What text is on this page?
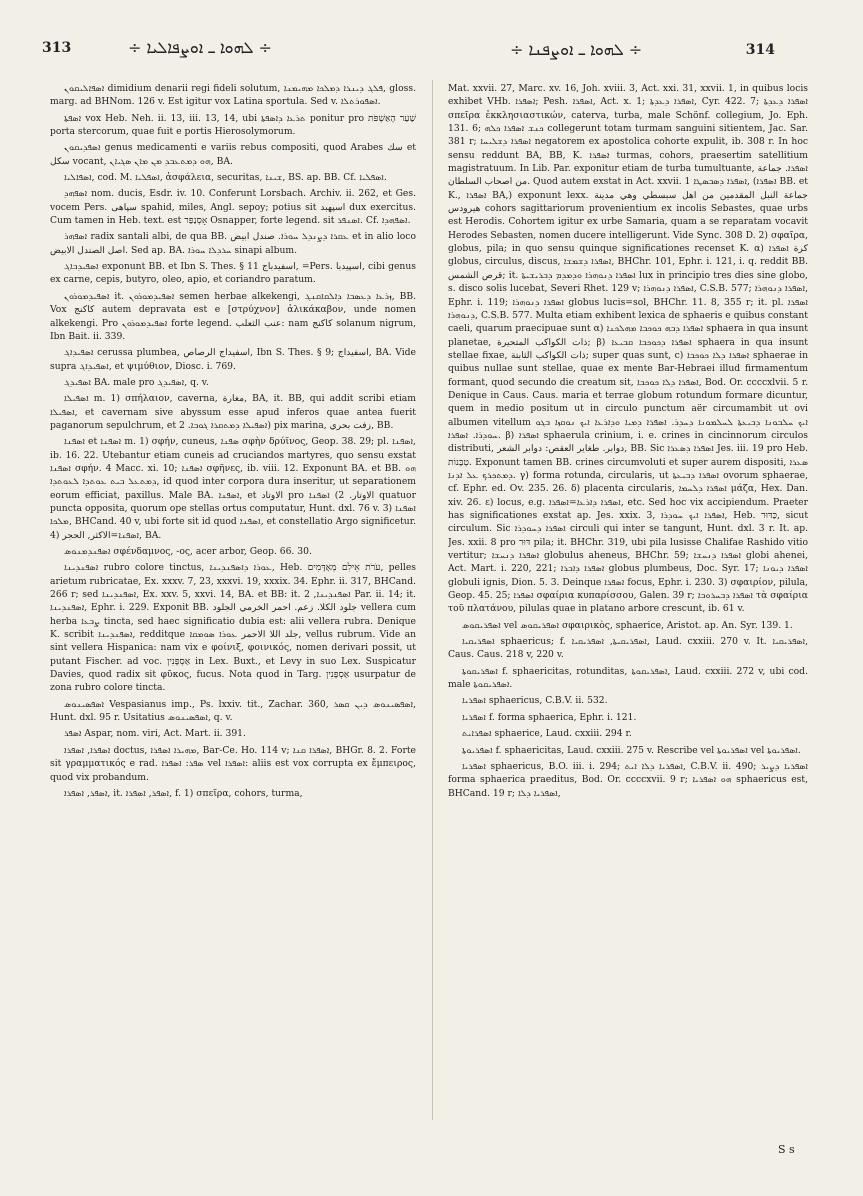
313	÷ ܠܗܘܐ ـ ܐܘܨܦܐܠܝܐ ÷	÷ ܠܗܘܐ ـ ܐܘܨܦܢܐ ÷	314

ܐܣܦܐܠܝܩܘܢ dimidium denarii regi fideli solutum, ܦܠܓ ܕܝܢܪܐ ܕܡܠܟܐ ܡܗܝܡܢܐ, gloss. marg. ad BHNom. 126 v. Est igitur vox Latina sportula. Sed v. ܐܣܦܘܪܬܠܐ.

ܐܣܦܬܐ vox Heb. Neh. ii. 13, iii. 13, 14, ubi ܬܪܥܐ ܕܐܣܦܬܐ ponitur pro שַׁעַר הָאַשְׁפֹּת porta stercorum, quae fuit e portis Hierosolymorum.

ܐܣܦܕܝܩܘܢ genus medicamenti e variis rebus compositi, quod Arabes سك et سكل vocant, ܗܘ ܕܡܬܥܒܕ ܡܢ ܡܐܢ ܣܓܝܐܢ, BA.

ܐܣܦܐܠܝܐ, cod. M. ܐܣܦܠܝܐ, ἀσφάλεια, securitas, ܫܝܢܐ, BS. ap. BB. Cf. ܐܣܦܠܝܐ.

ܐܣܦܗܕ nom. ducis, Esdr. iv. 10. Conferunt Lorsbach. Archiv. ii. 262, et Ges. vocem Pers. سپاهى spahid, miles, Angl. sepoy; potius sit اسپهبد dux exercitus. Cum tamen in Heb. text. est אָסְנַפַּר Osnapper, forte legend. sit ܐܣܢܦܪ. Cf. ܐܣܦܗܕܐ.

ܐܣܦܗܪ radix santali albi, de qua BB. ܥܩܪܐ ܕܨܢܕܠ ܚܘܪܐ. صندل ابيض et in alio loco اصل الصندل الابيض. Sed ap. BA. ܚܪܕܠܐ ܚܘܪܐ sinapi album.

ܐܣܦܝܕܒܐܓ exponunt BB. et Ibn S. Thes. § 11 اسفيدباج, =Pers. اسپيدبا, cibi genus ex carne, cepis, butyro, oleo, apio, et coriandro paratum.

ܐܣܦܝܕܡܘܪܘܢ it. ܐܣܦܝܕܡܘܪܘܢ semen herbae alkekengi, ܙܪܥܐ ܕܥܣܒܐ ܕܐܠܩܐܩܢܓ, BB. Vox كاكنج autem depravata est e [στρύχνον] ἁλικάκαβον, unde nomen alkekengi. Pro ܐܣܦܝܕܡܘܪܘܢ forte legend. عنب الثعلب: nam كاكنج solanum nigrum, Ibn Bait. ii. 339.

ܐܣܦܝܕܐܓ cerussa plumbea, اسفيداج الرصاص, Ibn S. Thes. § 9; اسفيداج, BA. Vide supra ܐܣܦܝܕܐܓ, et ψιμύθιον, Diosc. i. 769.

ܐܣܦܝܕܓ BA. male pro ܐܣܦܝܕܓ, q. v.

ܐܣܦܝܠܐ m. 1) σπήλαιον, caverna, مغارة, BA, it. BB, qui addit scribi etiam ܐܣܦܝܠܐ, et cavernam sive abyssum esse apud inferos quae antea fuerit paganorum sepulchrum, et ܐܣܦܝܠܐ ܕܡܬܩܪܐ ܓܘܒܐ. 2) pix marina, زفت بحري, BB.

ܐܣܦܢܐ et ܐܣܦܢܐ m. 1) σφήν, cuneus, ܣܦܢܐ σφὴν δρύϊνος, Geop. 38. 29; pl. ܐܣܦܢܐ, ib. 16. 22. Utebantur etiam cuneis ad cruciandos martyres, quo sensu exstat ܐܣܦܢܐ σφήν. 4 Macc. xi. 10; ܐܣܦܢܐ σφῆνες, ib. viii. 12. Exponunt BA. et BB. ܗܘ ܕܡܬܥܠ ܒܝܬ ܥܘܬܕܐ ܠܥܘܬܕܐ, id quod inter corpora dura inseritur, ut separationem eorum efficiat, paxillus. Male BA. ܐܣܦܢܐ, et الاوتاد pro الاوتار. 2) ܐܣܦܢܐ quatuor puncta opposita, quorum ope stellas ortus computatur, Hunt. dxl. 76 v. 3) ܐܣܦܢܐ ܡܠܟܐ, BHCand. 40 v, ubi forte sit id quod ܐܣܦܢܐ, et constellatio Argo significetur. 4) ܐܣܦܢܐ=الاكثر, الحجر, BA.

ܐܣܦܢܕܡܢܘܣ σφένδαμνος, -ος, acer arbor, Geop. 66. 30.

ܐܣܦܢܕܝܢܐ rubro colore tinctus, ܥܘܪܐ ܕܐܣܦܢܕܝܢܐ, Heb. עֹרֹת אֵילִם מְאָדָּמִים, pelles arietum rubricatae, Ex. xxxv. 7, 23, xxxvi. 19, xxxix. 34. Ephr. ii. 317, BHCand. 266 r; sed ܐܣܦܢܕܝܢܐ, Ex. xxv. 5, xxvi. 14, BA. et BB: it. ܐܣܦܢܕܝܢܐ, 2 Par. ii. 14; it. ܐܣܦܢܕܝܢܐ, Ephr. i. 229. Exponit BB. جلود الكلا. زعم. احمر الخرمي الجلود vellera cum herba ܨܒܥܐ tincta, sed haec significatio dubia est: alii vellera rubra. Denique K. scribit ܐܣܦܢܕܝܢܐ, redditque جلد اللا الاحمر ܥܘܪܐ ܣܘܡܩܐ, vellus rubrum. Vide an sint vellera Hispanica: nam vix e φοίνιξ, φοινικός, nomen derivari possit, ut putant Fischer. ad voc. אַסְפָּנִין in Lex. Buxt., et Levy in suo Lex. Suspicatur Davies, quod radix sit φῦκος, fucus. Nota quod in Targ. אַסְפָּנִין usurpatur de zona rubro colore tincta.

ܐܣܦܣܝܢܘܣ Vespasianus imp., Ps. lxxiv. tit., Zachar. 360, ܐܣܦܣܝܢܘܣ ܕܝܢ ܩܣܪ, Hunt. dxl. 95 r. Usitatius ܐܣܦܣܝܢܘܣ, q. v.

ܐܣܦܪ Aspar, nom. viri, Act. Mart. ii. 391.

ܐܣܦܪܐ, ܐܣܦܪܐ doctus, ܡܗܝܪܐ ܐܣܦܪܐ, Bar-Ce. Ho. 114 v; ܐܣܦܪܐ ܩܢܐ, BHGr. 8. 2. Forte sit γραμματικός e rad. ܣܦܪ: ܐܣܦܪܐ vel ܐܣܦܪܐ: aliis est vox corrupta ex ἔμπειρος, quod vix probandum.

ܐܣܦܪ, ܐܣܦܪܐ, it. ܐܣܦܪ, ܐܣܦܪܐ, f. 1) σπεῖρα, cohors, turma,

Mat. xxvii. 27, Marc. xv. 16, Joh. xviii. 3, Act. xxi. 31, xxvii. 1, in quibus locis exhibet VHb. ܐܣܦܪܐ; Pesh. ܐܣܦܪܐ, Act. x. 1; ܐܣܦܪܐ ܕܥܕܬܐ, Cyr. 422. 7; ܐܣܦܪܐ ܕܥܕܬܐ σπεῖρα ἐκκλησιαστικών, caterva, turba, male Schönf. collegium, Jo. Eph. 131. 6; ܟܢܫ ܐܣܦܪܐ ܟܠܗ collegerunt totam turmam sanguini sitientem, Jac. Sar. 381 r; ܐܣܦܪܐ ܕܫܠܝܚܐ negatorem ex apostolica cohorte expulit, ib. 308 r. In hoc sensu reddunt BA, BB, K. ܐܣܦܪܐ turmas, cohors, praesertim satellitium magistratuum. In Lib. Par. exponitur etiam de turba tumultuante, ܐܣܦܪܐ. جماعة من اصحاب السلطان. Quod autem exstat in Act. xxvii. 1 ܐܣܦܪܐ ܕܣܒܣܛܐ, (ܐܣܦܪܐ BB. et K., ܐܣܦܪܐ BA,) exponunt lexx. جماعة النبل المقدمين من اهل سبسطي وهي مدينة هيرودس cohors sagittariorum provenientium ex incolis Sebastes, quae urbs est Herodis. Cohortem igitur ex urbe Samaria, quam a se reparatam vocavit Herodes Sebasten, nomen ducere intelligerunt. Vide Sync. 308 D. 2) σφαῖρα, globus, pila; in quo sensu quinque significationes recenset K. α) كرة ܐܣܦܪܐ globus, circulus, discus, ܐܣܦܪܐ ܕܫܡܫܐ, BHChr. 101, Ephr. i. 121, i. q. reddit BB. قرص الشمس; it. ܐܣܦܪܐ ܕܢܘܗܪܐ ܘܕܡܕܡ ܕܒܪܝܫܝܬܐ lux in principio tres dies sine globo, s. disco solis lucebat, Severi Rhet. 129 v; ܐܣܦܪܐ ܕܢܘܗܪܐ, C.S.B. 577; ܐܣܦܪܐ ܕܢܘܗܪܐ, Ephr. i. 119; ܐܣܦܪܐ ܕܢܘܗܪܐ globus lucis=sol, BHChr. 11. 8, 355 r; it. pl. ܐܣܦܪܐ ܕܢܘܗܪܐ, C.S.B. 577. Multa etiam exhibent lexica de sphaeris e quibus constant caeli, quarum praecipuae sunt α) ܐܣܦܪܐ ܕܒܗ ܟܘܟܒܐ ܡܗܠܟܢܐ sphaera in qua insunt planetae, ذات الكواكب المتحيرة; β) ܐܣܦܪܐ ܕܟܘܟܒܐ ܩܒܝܥܐ sphaera in qua insunt stellae fixae, ذات الكواكب الثابتة; super quas sunt, c) ܐܣܦܪܐ ܕܠܐ ܟܘܟܒܐ sphaerae in quibus nullae sunt stellae, quae ex mente Bar-Hebraei illud firmamentum formant, quod secundo die creatum sit, ܐܣܦܪܐ ܕܠܐ ܟܘܟܒܐ, Bod. Or. ccccxlvii. 5 r. Denique in Caus. Caus. maria et terrae globum rotundum formare dicuntur, quem in medio positum ut in circulo punctum aër circumambit ut ovi albumen vitellum ܐܝܟ ܚܠܒܘܢܐ ܕܒܝܥܬܐ ܠܚܠܡܘܢܐ ܕܚܕܪ. ܐܣܦܪܐ ܕܡܝܐ ܘܕܐܪܥܐ ܐܝܟ ܢܘܩܙܐ ܒܓܘ ܚܘܕܪܐ. ܐܣܦܪܐ. β) ܐܣܦܪܐ sphaerula crinium, i. e. crines in cincinnorum circulos distributi, دوابر. طغاير العقص: دوابر الشعر, BB. Sic ܐܣܦܪܐ ܕܣܥܪܐ Jes. iii. 19 pro Heb. טְבָּנוֹת. Exponunt tamen BB. crines circumvoluti et super aurem dispositi, ܣܥܪܐ ܕܡܬܟܪܟ ܥܠ ܐܕܢܐ. γ) forma rotunda, circularis, ut ܐܣܦܪܐ ܕܒܝܥܬܐ ovorum sphaerae, cf. Ephr. ed. Ov. 235. 26. δ) placenta circularis, ܐܣܦܪܐ ܕܠܚܡܐ μάζα, Hex. Dan. xiv. 26. ε) locus, e.g. ܐܣܦܪܐ ܕܐܪܥܐ=ܐܣܦܪܐ, etc. Sed hoc vix accipiendum. Praeter has significationes exstat ap. Jes. xxix. 3, ܐܣܦܪܐ ܐܝܟ ܚܘܕܪܐ, Heb. כַּדּוּר, sicut circulum. Sic ܐܣܦܪܐ ܕܚܘܕܪܐ circuli qui inter se tangunt, Hunt. dxl. 3 r. It. ap. Jes. xxii. 8 pro דּוּר pila; it. BHChr. 319, ubi pila lusisse Chalifae Rashido vitio vertitur; ܐܣܦܪܐ ܕܢܚܫܐ globulus aheneus, BHChr. 59; ܐܣܦܪܐ ܕܢܚܫܐ globi ahenei, Act. Mart. i. 220, 221; ܐܣܦܪܐ ܕܐܒܪܐ globus plumbeus, Doc. Syr. 17; ܐܣܦܪܐ ܕܝܘܢܐ globuli ignis, Dion. 5. 3. Deinque ܐܣܦܪܐ focus, Ephr. i. 230. 3) σφαιρίον, pilula, Geop. 45. 25; ܐܣܦܪܐ σφαίρια κυπαρίσσου, Galen. 39 r; ܐܣܦܪܐ ܕܒܚܪܘܒܐ τὰ σφαίρια τοῦ πλατάνου, pilulas quae in platano arbore crescunt, ib. 61 v.

ܐܣܦܪܝܩܘܣ vel ܐܣܦܪܝܩܘܣ σφαιρικὸς, sphaerice, Aristot. ap. An. Syr. 139. 1.

ܐܣܦܪܝܩܝܐ sphaericus; f. ܐܣܦܪܝܩܝܬܐ, ܐܣܦܪܝܩܝܐ, Laud. cxxiii. 270 v. It. ܐܣܦܪܝܩܝܐ, Caus. Caus. 218 v, 220 v.

ܐܣܦܪܝܩܘܬܐ f. sphaericitas, rotunditas, ܐܣܦܪܝܩܘܬܐ, Laud. cxxiii. 272 v, ubi cod. male ܐܣܦܪܝܩܘܬܐ.

ܐܣܦܪܝܐ sphaericus, C.B.V. ii. 532.

ܐܣܦܪܝܐ f. forma sphaerica, Ephr. i. 121.

ܐܣܦܪܐܝܬ sphaerice, Laud. cxxiii. 294 r.

ܐܣܦܪܝܘܬܐ f. sphaericitas, Laud. cxxiii. 275 v. Rescribe vel ܐܣܦܪܝܘܬܐ vel ܐܣܦܪܝܘܬܐ.

ܐܣܦܪܝܐ sphaericus, B.O. iii. i. 294; ܐܣܦܪܝܐ ܕܠܐ ܐܝܬ, C.B.V. ii. 490; ܐܣܦܪܝܐ ܕܨܝܪ forma sphaerica praeditus, Bod. Or. ccccxvii. 9 r; ܗܘ ܐܣܦܪܝܐ sphaericus est, BHCand. 19 r; ܐܣܦܪܝܐ ܕܠܐ,

S s
